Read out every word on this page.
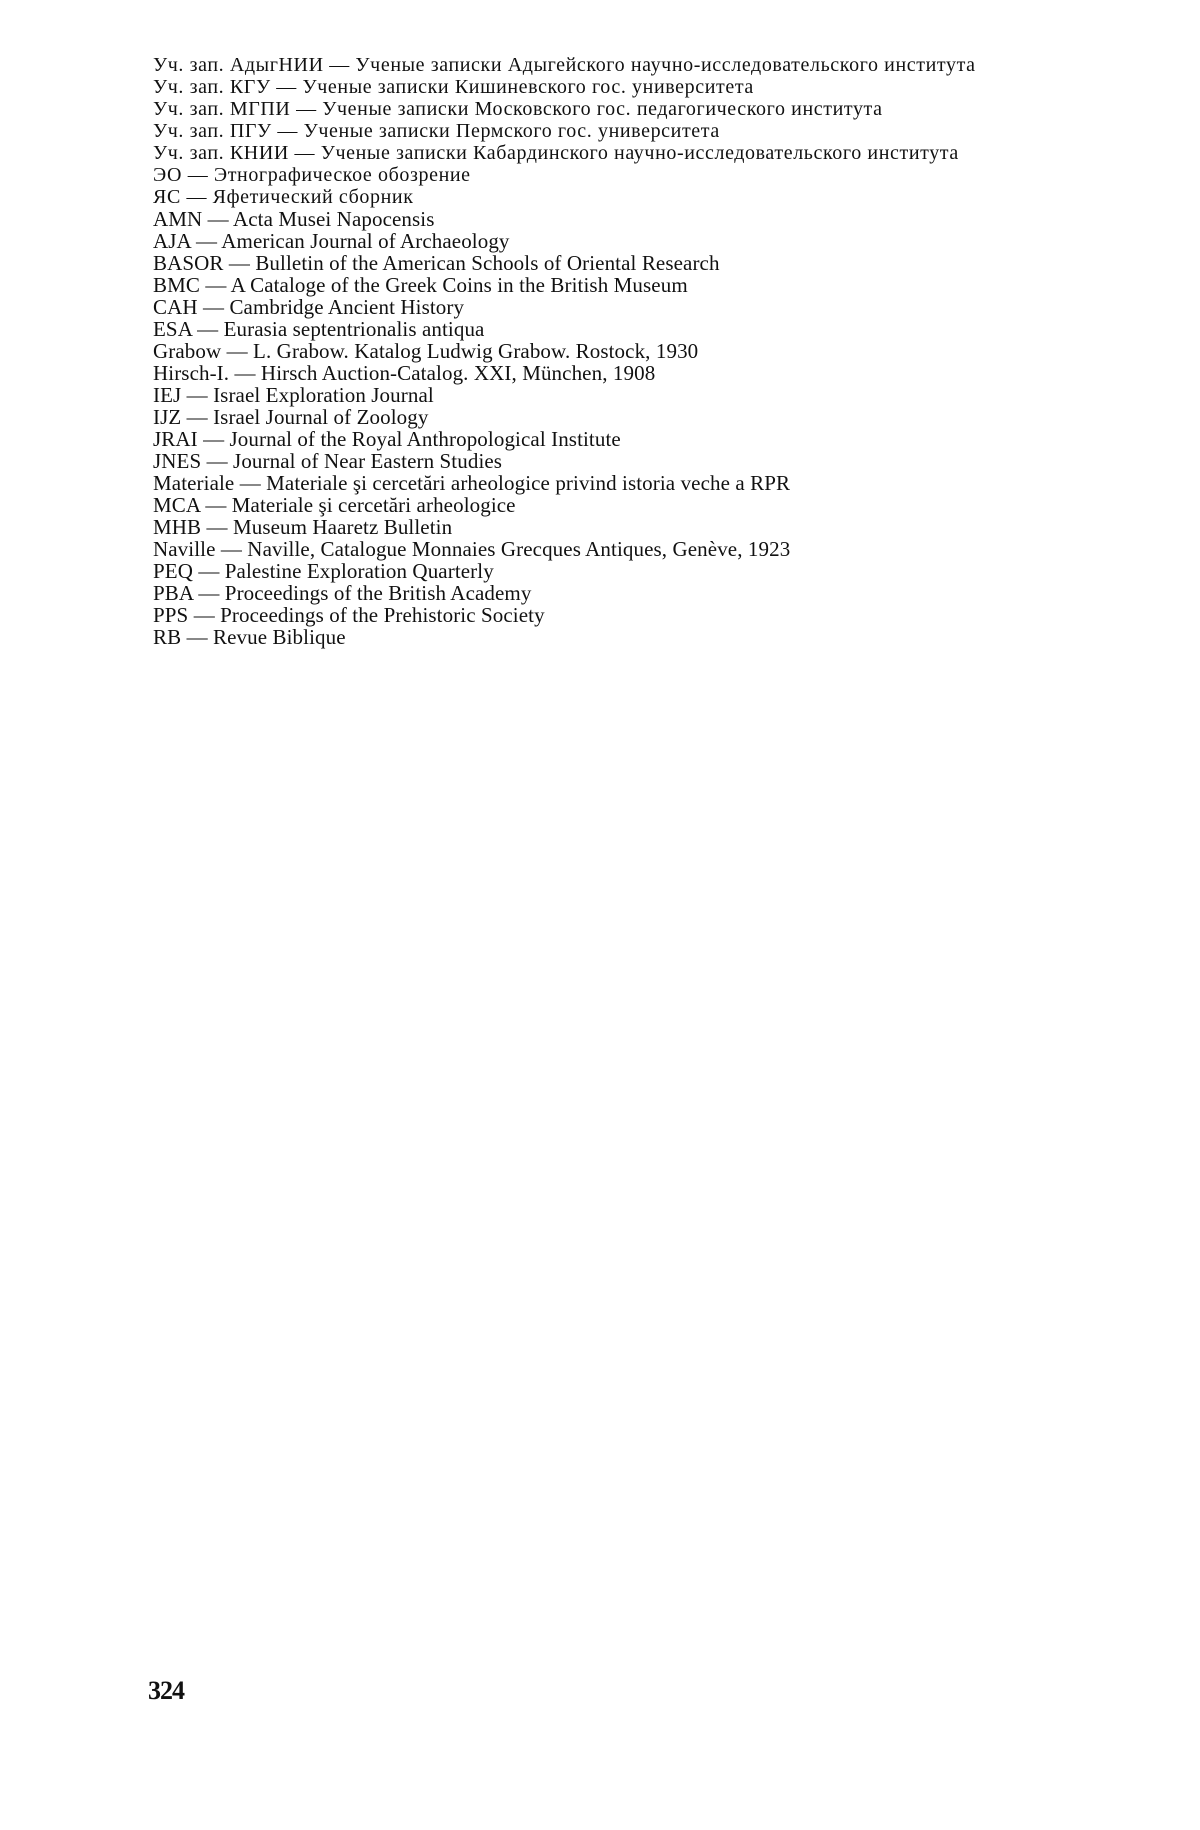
Уч. зап. АдыгНИИ — Ученые записки Адыгейского научно-исследовательского института
Уч. зап. КГУ — Ученые записки Кишиневского гос. университета
Уч. зап. МГПИ — Ученые записки Московского гос. педагогического института
Уч. зап. ПГУ — Ученые записки Пермского гос. университета
Уч. зап. КНИИ — Ученые записки Кабардинского научно-исследовательского института
ЭО — Этнографическое обозрение
ЯС — Яфетический сборник
AMN — Acta Musei Napocensis
AJA — American Journal of Archaeology
BASOR — Bulletin of the American Schools of Oriental Research
BMC — A Cataloge of the Greek Coins in the British Museum
CAH — Cambridge Ancient History
ESA — Eurasia septentrionalis antiqua
Grabow — L. Grabow. Katalog Ludwig Grabow. Rostock, 1930
Hirsch-I. — Hirsch Auction-Catalog. XXI, München, 1908
IEJ — Israel Exploration Journal
IJZ — Israel Journal of Zoology
JRAI — Journal of the Royal Anthropological Institute
JNES — Journal of Near Eastern Studies
Materiale — Materiale şi cercetări arheologice privind istoria veche a RPR
MCA — Materiale şi cercetări arheologice
MHB — Museum Haaretz Bulletin
Naville — Naville, Catalogue Monnaies Grecques Antiques, Genève, 1923
PEQ — Palestine Exploration Quarterly
PBA — Proceedings of the British Academy
PPS — Proceedings of the Prehistoric Society
RB — Revue Biblique
324
